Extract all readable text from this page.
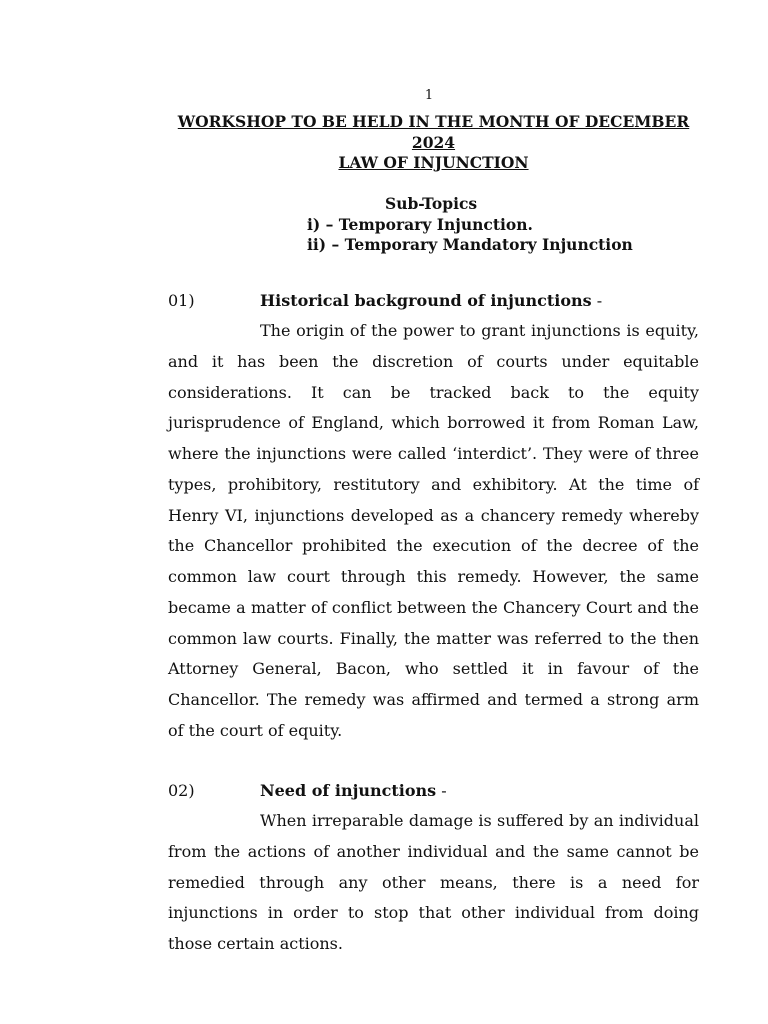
1
WORKSHOP TO BE HELD IN THE MONTH OF DECEMBER
2024
LAW OF INJUNCTION
Sub-Topics
i) – Temporary Injunction.
ii) – Temporary Mandatory Injunction
01)	Historical background of injunctions -
The origin of the power to grant injunctions is equity, and it has been the discretion of courts under equitable considerations. It can be tracked back to the equity jurisprudence of England, which borrowed it from Roman Law, where the injunctions were called ‘interdict’. They were of three types, prohibitory, restitutory and exhibitory. At the time of Henry VI, injunctions developed as a chancery remedy whereby the Chancellor prohibited the execution of the decree of the common law court through this remedy. However, the same became a matter of conflict between the Chancery Court and the common law courts. Finally, the matter was referred to the then Attorney General, Bacon, who settled it in favour of the Chancellor. The remedy was affirmed and termed a strong arm of the court of equity.
02)	Need of injunctions -
When irreparable damage is suffered by an individual from the actions of another individual and the same cannot be remedied through any other means, there is a need for injunctions in order to stop that other individual from doing those certain actions.
